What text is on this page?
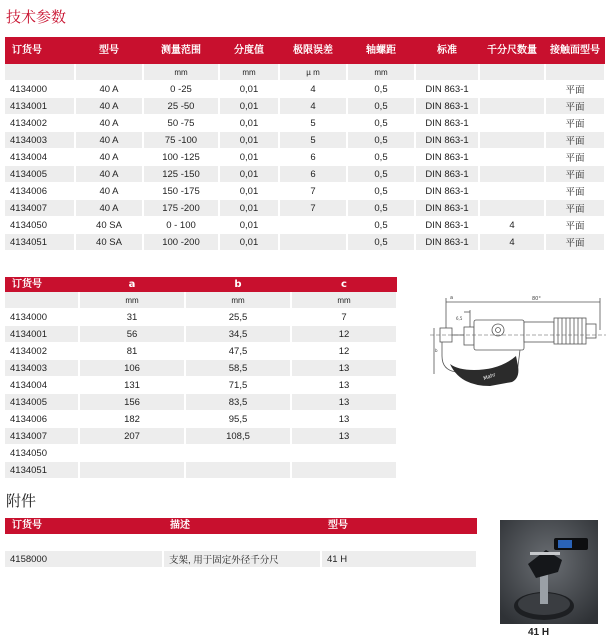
技术参数
订货号	型号	测量范围	分度值	极限误差	轴螺距	标准	千分尺数量	接触面型号
		mm	mm	µ m	mm			
4134000	40 A	0 -25	0,01	4	0,5	DIN 863-1		平面
4134001	40 A	25 -50	0,01	4	0,5	DIN 863-1		平面
4134002	40 A	50 -75	0,01	5	0,5	DIN 863-1		平面
4134003	40 A	75 -100	0,01	5	0,5	DIN 863-1		平面
4134004	40 A	100 -125	0,01	6	0,5	DIN 863-1		平面
4134005	40 A	125 -150	0,01	6	0,5	DIN 863-1		平面
4134006	40 A	150 -175	0,01	7	0,5	DIN 863-1		平面
4134007	40 A	175 -200	0,01	7	0,5	DIN 863-1		平面
4134050	40 SA	0 - 100	0,01		0,5	DIN 863-1	4	平面
4134051	40 SA	100 -200	0,01		0,5	DIN 863-1	4	平面
订货号	a	b	c
	mm	mm	mm
4134000	31	25,5	7
4134001	56	34,5	12
4134002	81	47,5	12
4134003	106	58,5	13
4134004	131	71,5	13
4134005	156	83,5	13
4134006	182	95,5	13
4134007	207	108,5	13
4134050			
4134051			
Mahr
a	80°
6,5
b
附件
订货号	描述	型号

4158000	支架, 用于固定外径千分尺	41 H
41 H
